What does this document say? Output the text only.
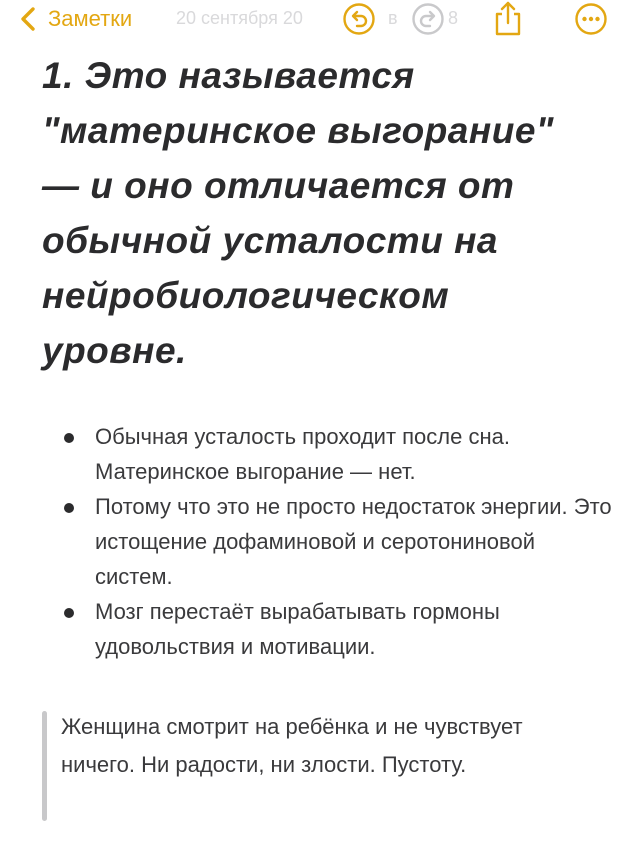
Заметки 20 сентября 20	в	8
1. Это называется "материнское выгорание" — и оно отличается от обычной усталости на нейробиологическом уровне.
Обычная усталость проходит после сна. Материнское выгорание — нет.
Потому что это не просто недостаток энергии. Это истощение дофаминовой и серотониновой систем.
Мозг перестаёт вырабатывать гормоны удовольствия и мотивации.

Женщина смотрит на ребёнка и не чувствует ничего. Ни радости, ни злости. Пустоту.
